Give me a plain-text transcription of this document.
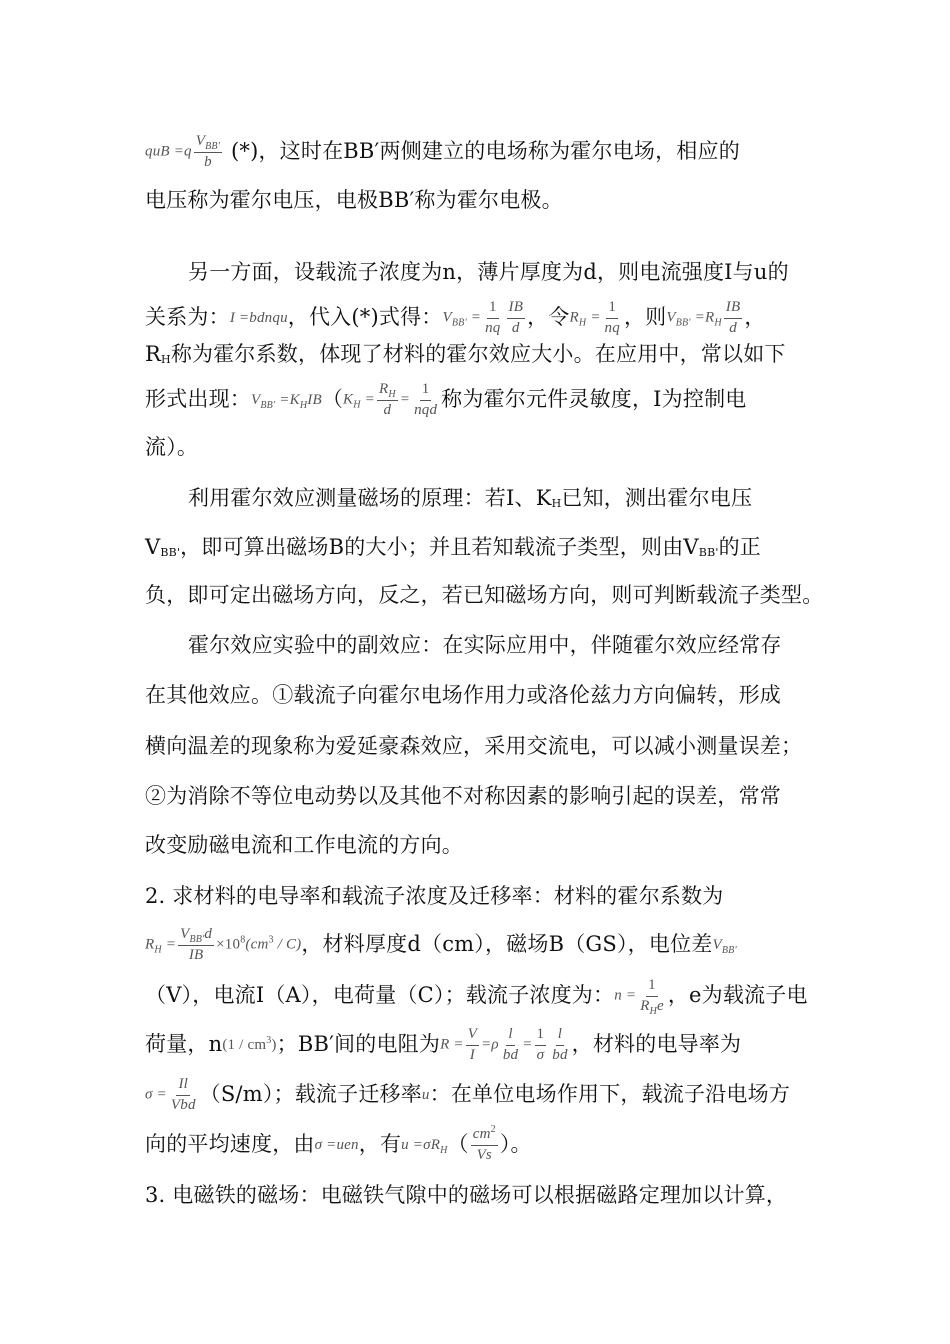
quB $=q \frac{V_{BB'}}{b}$ (*)，这时在BB′两侧建立的电场称为霍尔电场，相应的
电压称为霍尔电压，电极BB′称为霍尔电极。
另一方面，设载流子浓度为n，薄片厚度为d，则电流强度I与u的
关系为：I =bdnqu，代入(*)式得：$V_{BB'} = \frac{1}{nq} \frac{IB}{d}$ ，令$R_H = \frac{1}{nq}$ ，则$V_{BB'} =R_H \frac{IB}{d}$ ，
RH称为霍尔系数，体现了材料的霍尔效应大小。在应用中，常以如下
形式出现：$V_{BB'} =K_HIB(K_H = \frac{R_H}{d} = \frac{1}{\text{nqd}}$ 称为霍尔元件灵敏度，I为控制电
流）。
利用霍尔效应测量磁场的原理：若I、KH已知，测出霍尔电压
VBB'，即可算出磁场B的大小；并且若知载流子类型，则由VBB'的正
负，即可定出磁场方向，反之，若已知磁场方向，则可判断载流子类型。
霍尔效应实验中的副效应：在实际应用中，伴随霍尔效应经常存
在其他效应。①载流子向霍尔电场作用力或洛伦兹力方向偏转，形成
横向温差的现象称为爱延豪森效应，采用交流电，可以减小测量误差；
②为消除不等位电动势以及其他不对称因素的影响引起的误差，常常
改变励磁电流和工作电流的方向。
2. 求材料的电导率和载流子浓度及迁移率：材料的霍尔系数为
$R_H = \frac{V_{BB'}d}{IB} \times 10^8(cm^3 / C)$，材料厚度d（cm），磁场B（GS），电位差$V_{BB'}$
（V），电流I（A），电荷量（C）；载流子浓度为：$n = \frac{1}{R_He}$ ，e为载流子电
荷量，$n(1 / cm^3)$；BB′间的电阻为$R = \frac{V}{I} =\rho \frac{l}{bd} = \frac{1}{\sigma} \frac{l}{bd}$ ，材料的电导率为
$\sigma = \frac{Il}{\text{Vbd}} (S/m)$；载流子迁移率u：在单位电场作用下，载流子沿电场方
向的平均速度，由σ =uen，有$u =\sigma R_H( \frac{cm^2}{Vs}$ ）。
3. 电磁铁的磁场：电磁铁气隙中的磁场可以根据磁路定理加以计算，
